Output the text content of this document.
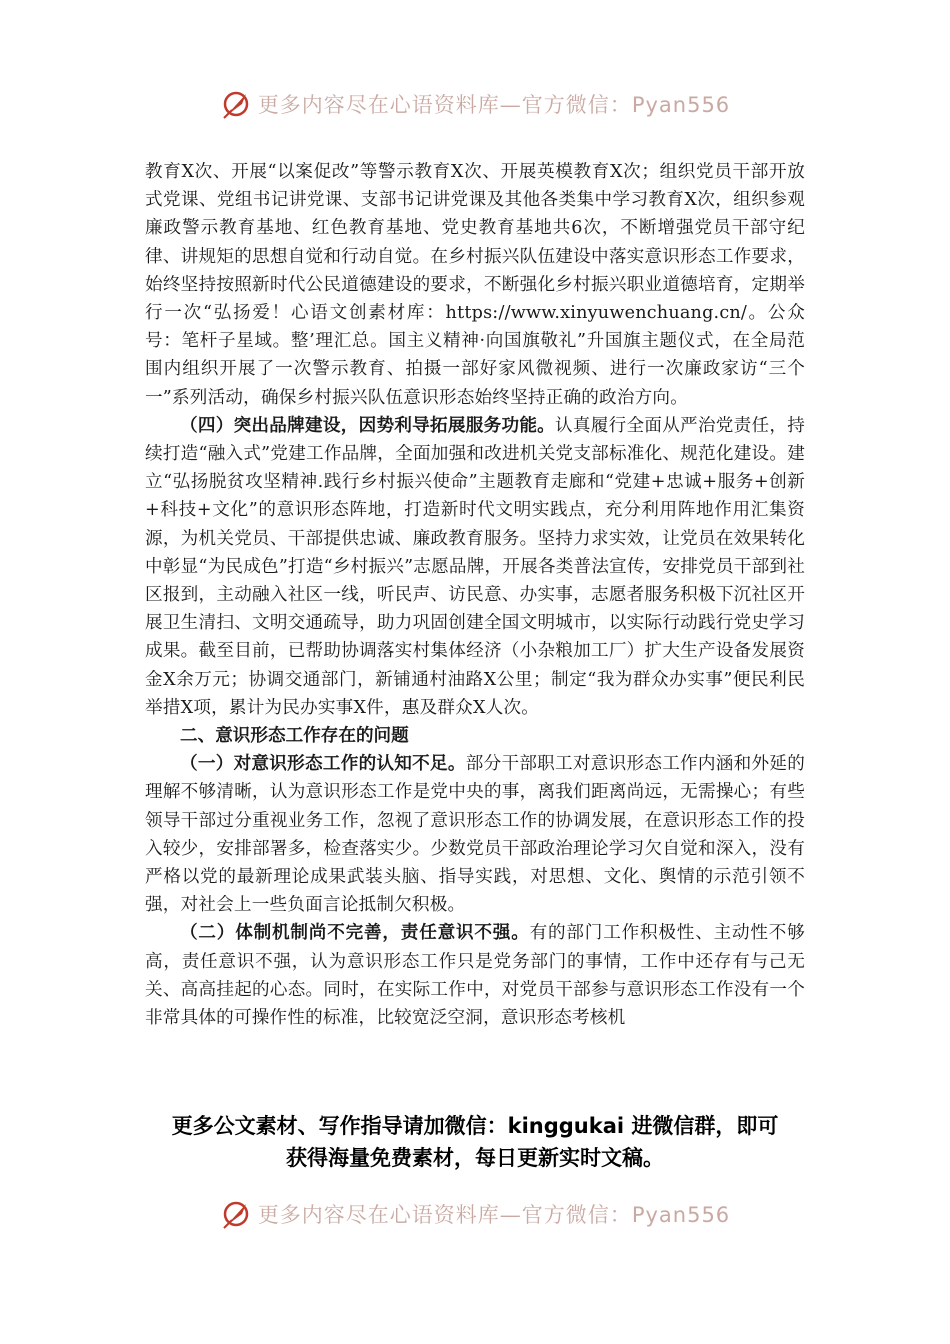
更多内容尽在心语资料库—官方微信：Pyan556

教育X次、开展“以案促改”等警示教育X次、开展英模教育X次；组织党员干部开放式党课、党组书记讲党课、支部书记讲党课及其他各类集中学习教育X次，组织参观廉政警示教育基地、红色教育基地、党史教育基地共6次，不断增强党员干部守纪律、讲规矩的思想自觉和行动自觉。在乡村振兴队伍建设中落实意识形态工作要求，始终坚持按照新时代公民道德建设的要求，不断强化乡村振兴职业道德培育，定期举行一次“弘扬爱！心语文创素材库：https://www.xinyuwenchuang.cn/。公众号：笔杆子星域。整’理汇总。国主义精神·向国旗敬礼”升国旗主题仪式，在全局范围内组织开展了一次警示教育、拍摄一部好家风微视频、进行一次廉政家访“三个一”系列活动，确保乡村振兴队伍意识形态始终坚持正确的政治方向。

（四）突出品牌建设，因势利导拓展服务功能。认真履行全面从严治党责任，持续打造“融入式”党建工作品牌，全面加强和改进机关党支部标准化、规范化建设。建立“弘扬脱贫攻坚精神.践行乡村振兴使命”主题教育走廊和“党建+忠诚+服务+创新+科技+文化”的意识形态阵地，打造新时代文明实践点，充分利用阵地作用汇集资源，为机关党员、干部提供忠诚、廉政教育服务。坚持力求实效，让党员在效果转化中彰显“为民成色”打造“乡村振兴”志愿品牌，开展各类普法宣传，安排党员干部到社区报到，主动融入社区一线，听民声、访民意、办实事，志愿者服务积极下沉社区开展卫生清扫、文明交通疏导，助力巩固创建全国文明城市，以实际行动践行党史学习成果。截至目前，已帮助协调落实村集体经济（小杂粮加工厂）扩大生产设备发展资金X余万元；协调交通部门，新铺通村油路X公里；制定“我为群众办实事”便民利民举措X项，累计为民办实事X件，惠及群众X人次。

二、意识形态工作存在的问题

（一）对意识形态工作的认知不足。部分干部职工对意识形态工作内涵和外延的理解不够清晰，认为意识形态工作是党中央的事，离我们距离尚远，无需操心；有些领导干部过分重视业务工作，忽视了意识形态工作的协调发展，在意识形态工作的投入较少，安排部署多，检查落实少。少数党员干部政治理论学习欠自觉和深入，没有严格以党的最新理论成果武装头脑、指导实践，对思想、文化、舆情的示范引领不强，对社会上一些负面言论抵制欠积极。

（二）体制机制尚不完善，责任意识不强。有的部门工作积极性、主动性不够高，责任意识不强，认为意识形态工作只是党务部门的事情，工作中还存有与己无关、高高挂起的心态。同时，在实际工作中，对党员干部参与意识形态工作没有一个非常具体的可操作性的标准，比较宽泛空洞，意识形态考核机

更多公文素材、写作指导请加微信：kinggukai 进微信群，即可
获得海量免费素材，每日更新实时文稿。
更多内容尽在心语资料库—官方微信：Pyan556
